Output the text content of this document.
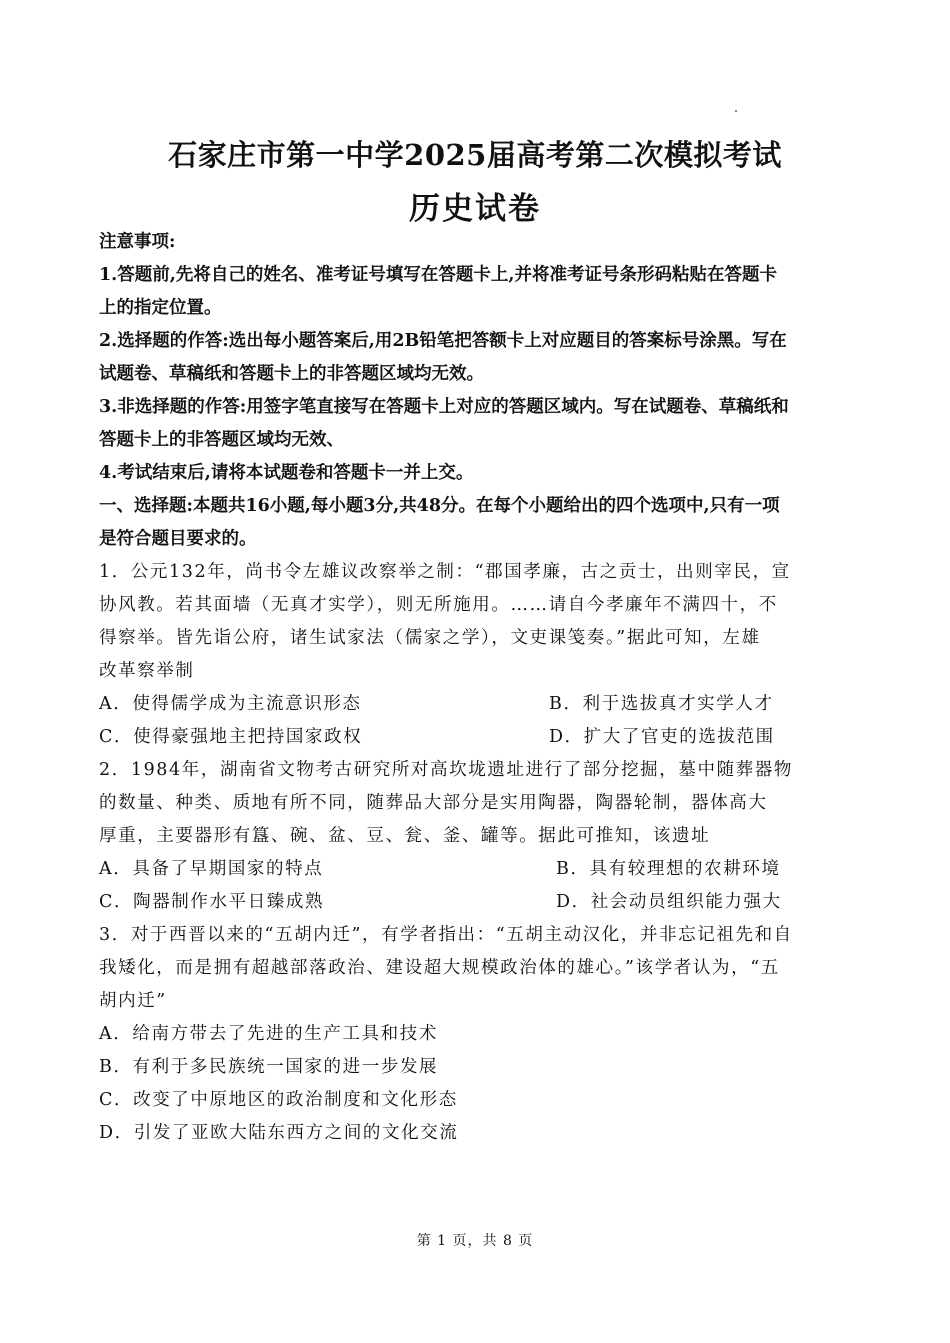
石家庄市第一中学2025届高考第二次模拟考试
历史试卷
注意事项:
1.答题前,先将自己的姓名、准考证号填写在答题卡上,并将准考证号条形码粘贴在答题卡
上的指定位置。
2.选择题的作答:选出每小题答案后,用2B铅笔把答额卡上对应题目的答案标号涂黑。写在
试题卷、草稿纸和答题卡上的非答题区域均无效。
3.非选择题的作答:用签字笔直接写在答题卡上对应的答题区域内。写在试题卷、草稿纸和
答题卡上的非答题区域均无效、
4.考试结束后,请将本试题卷和答题卡一并上交。
一、选择题:本题共16小题,每小题3分,共48分。在每个小题给出的四个选项中,只有一项
是符合题目要求的。
1．公元132年，尚书令左雄议改察举之制：“郡国孝廉，古之贡士，出则宰民，宣
协风教。若其面墙（无真才实学），则无所施用。……请自今孝廉年不满四十，不
得察举。皆先诣公府，诸生试家法（儒家之学），文吏课笺奏。”据此可知，左雄
改革察举制
A．使得儒学成为主流意识形态	B．利于选拔真才实学人才
C．使得豪强地主把持国家政权	D．扩大了官吏的选拔范围
2．1984年，湖南省文物考古研究所对高坎垅遗址进行了部分挖掘，墓中随葬器物
的数量、种类、质地有所不同，随葬品大部分是实用陶器，陶器轮制，器体高大
厚重，主要器形有簋、碗、盆、豆、瓮、釜、罐等。据此可推知，该遗址
A．具备了早期国家的特点	B．具有较理想的农耕环境
C．陶器制作水平日臻成熟	D．社会动员组织能力强大
3．对于西晋以来的“五胡内迁”，有学者指出：“五胡主动汉化，并非忘记祖先和自
我矮化，而是拥有超越部落政治、建设超大规模政治体的雄心。”该学者认为，“五
胡内迁”
A．给南方带去了先进的生产工具和技术
B．有利于多民族统一国家的进一步发展
C．改变了中原地区的政治制度和文化形态
D．引发了亚欧大陆东西方之间的文化交流
第 1 页，共 8 页
